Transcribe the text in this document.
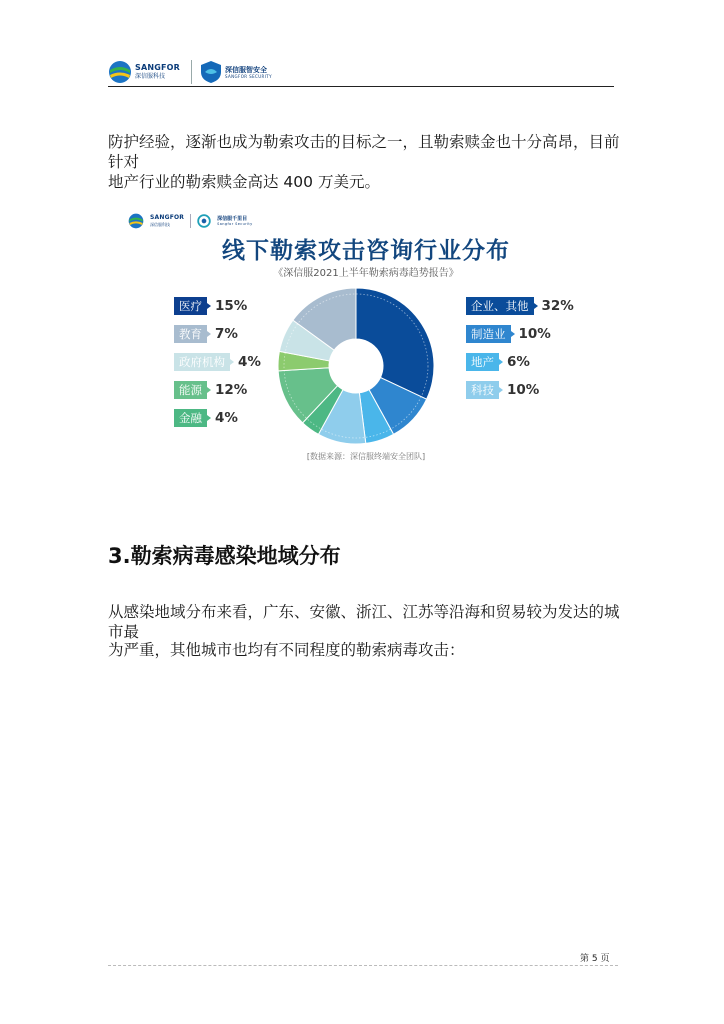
SANGFOR
深信服科技
深信服智安全
SANGFOR SECURITY
防护经验，逐渐也成为勒索攻击的目标之一，且勒索赎金也十分高昂，目前针对
地产行业的勒索赎金高达 400 万美元。
SANGFOR
深信服科技
深信服千里目
Sangfor Security
线下勒索攻击咨询行业分布
《深信服2021上半年勒索病毒趋势报告》
医疗 15%
教育 7%
政府机构 4%
能源 12%
金融 4%
企业、其他 32%
制造业 10%
地产 6%
科技 10%
[数据来源：深信服终端安全团队]
3.勒索病毒感染地域分布
从感染地域分布来看，广东、安徽、浙江、江苏等沿海和贸易较为发达的城市最
为严重，其他城市也均有不同程度的勒索病毒攻击：
第 5 页
